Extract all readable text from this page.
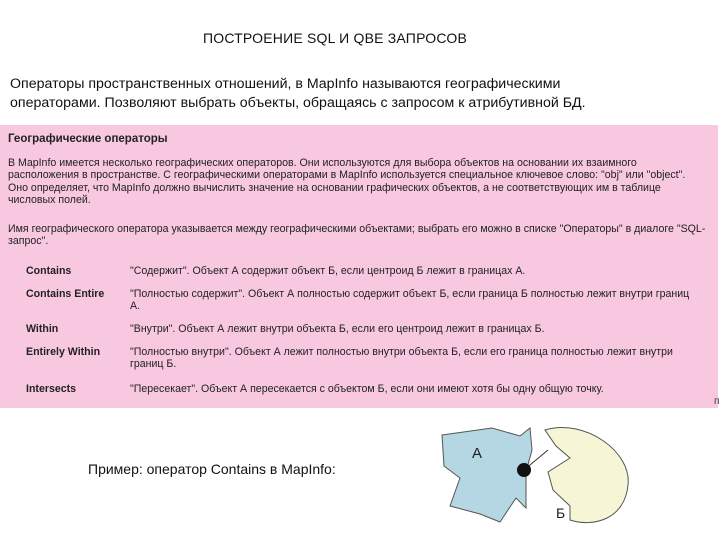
ПОСТРОЕНИЕ SQL И QBE ЗАПРОСОВ

Операторы пространственных отношений, в MapInfo называются географическими

операторами. Позволяют выбрать объекты, обращаясь с запросом к атрибутивной БД.

Географические операторы
В MapInfo имеется несколько географических операторов. Они используются для выбора объектов на основании их взаимного расположения в пространстве. С географическими операторами в MapInfo используется специальное ключевое слово: "obj" или "object". Оно определяет, что MapInfo должно вычислить значение на основании графических объектов, а не соответствующих им в таблице числовых полей.
Имя географического оператора указывается между географическими объектами; выбрать его можно в списке "Операторы" в диалоге "SQL-запрос".
Contains	"Содержит". Объект А содержит объект Б, если центроид Б лежит в границах А.
Contains Entire	"Полностью содержит". Объект А полностью содержит объект Б, если граница Б полностью лежит внутри границ А.
Within	"Внутри". Объект А лежит внутри объекта Б, если его центроид лежит в границах Б.
Entirely Within	"Полностью внутри". Объект А лежит полностью внутри объекта Б, если его граница полностью лежит внутри границ Б.
Intersects	"Пересекает". Объект А пересекается с объектом Б, если они имеют хотя бы одну общую точку.
п
Пример: оператор Contains в MapInfo:
А
Б
